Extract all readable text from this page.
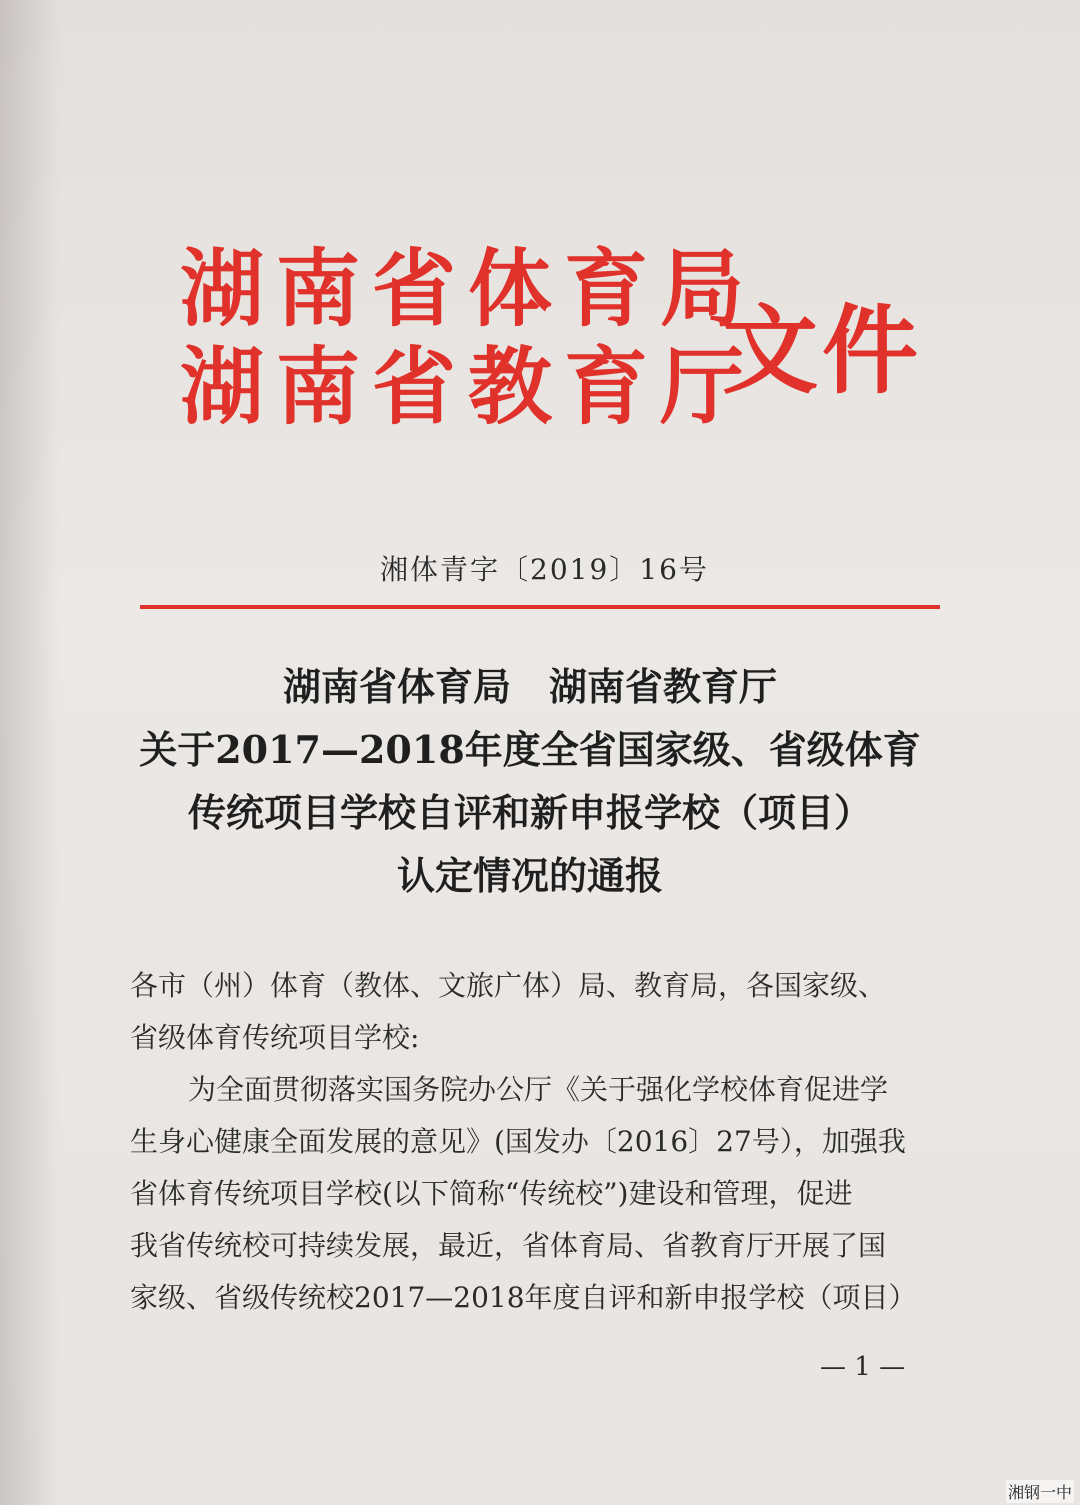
湖南省体育局
湖南省教育厅
文件
湘体青字〔2019〕16号
湖南省体育局　湖南省教育厅
关于2017—2018年度全省国家级、省级体育
传统项目学校自评和新申报学校（项目）
认定情况的通报

各市（州）体育（教体、文旅广体）局、教育局，各国家级、

省级体育传统项目学校:

为全面贯彻落实国务院办公厅《关于强化学校体育促进学

生身心健康全面发展的意见》(国发办〔2016〕27号），加强我

省体育传统项目学校(以下简称“传统校”)建设和管理，促进

我省传统校可持续发展，最近，省体育局、省教育厅开展了国

家级、省级传统校2017—2018年度自评和新申报学校（项目）

— 1 —
湘钢一中
